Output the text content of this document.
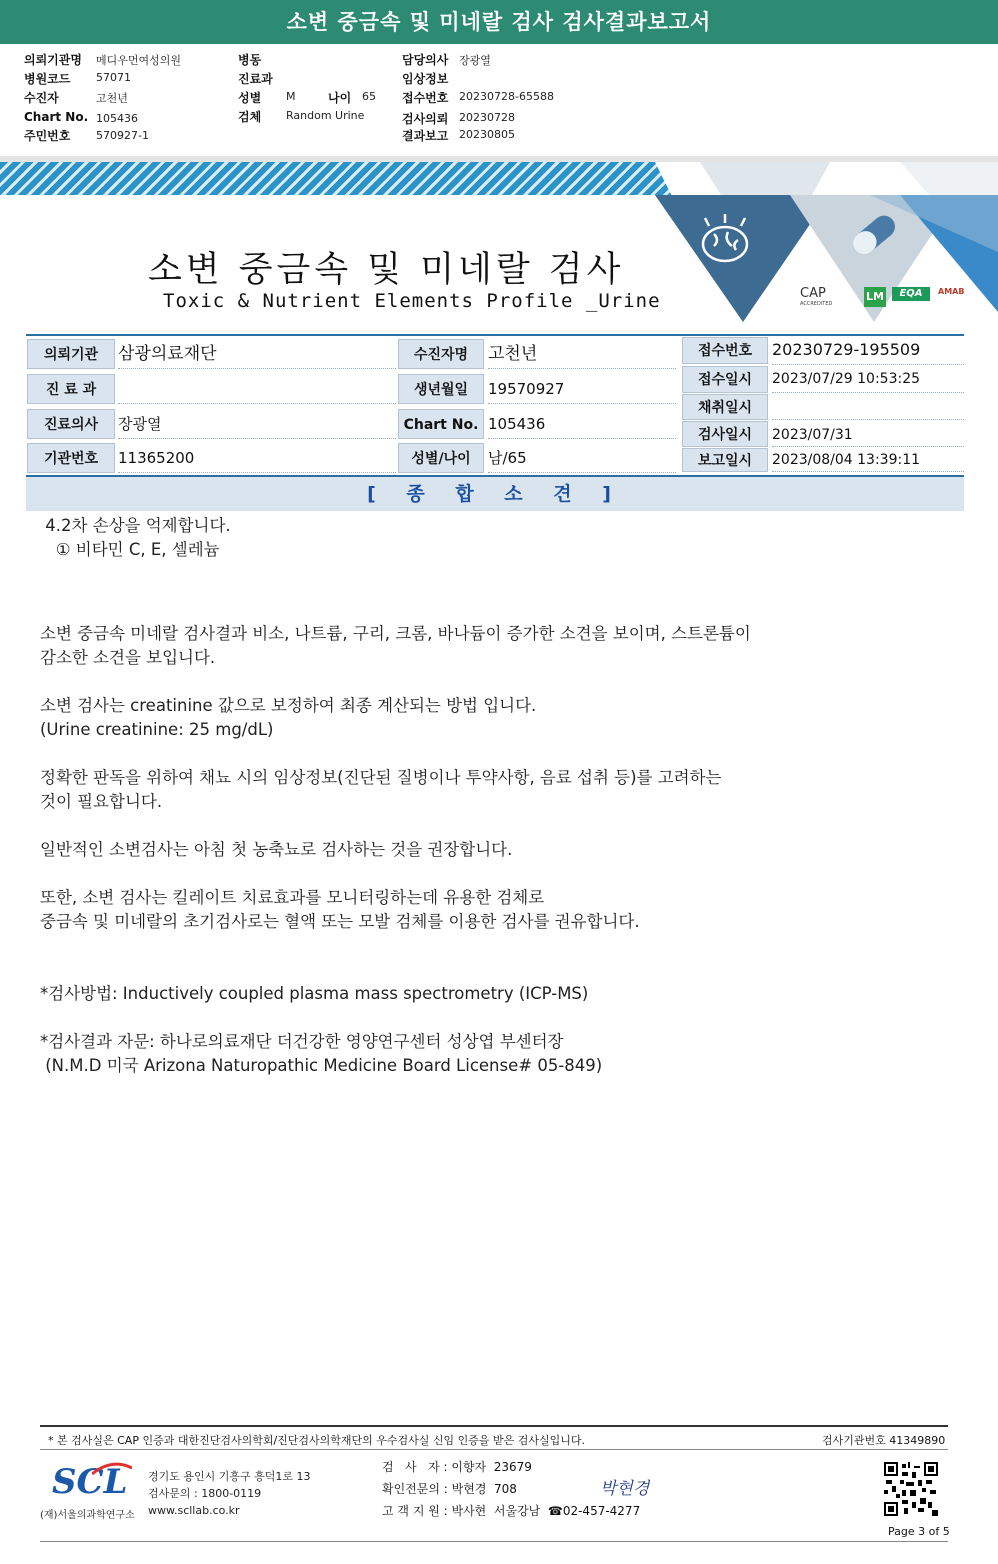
소변 중금속 및 미네랄 검사 검사결과보고서
의뢰기관명 메디우먼여성의원
병원코드 57071
수진자	고천년
Chart No. 105436
주민번호 570927-1
병동
진료과
성별 M	나이 65
검체 Random Urine
담당의사 장광열
임상정보
접수번호 20230728-65588
검사의뢰 20230728
결과보고 20230805
소변 중금속 및 미네랄 검사
Toxic & Nutrient Elements Profile _Urine	CAP
ACCREDITED
LM	EQA	AMAB
의뢰기관	삼광의료재단
진 료 과
진료의사	장광열
기관번호	11365200
수진자명	고천년
생년월일	19570927
Chart No. 105436
성별/나이	남/65
접수번호	20230729-195509
접수일시	2023/07/29 10:53:25
채취일시
검사일시	2023/07/31
보고일시	2023/08/04 13:39:11
[ 종 합 소 견 ]

4.2차 손상을 억제합니다.

① 비타민 C, E, 셀레늄

소변 중금속 미네랄 검사결과 비소, 나트륨, 구리, 크롬, 바나듐이 증가한 소견을 보이며, 스트론튬이

감소한 소견을 보입니다.

소변 검사는 creatinine 값으로 보정하여 최종 계산되는 방법 입니다.

(Urine creatinine: 25 mg/dL)

정확한 판독을 위하여 채뇨 시의 임상정보(진단된 질병이나 투약사항, 음료 섭취 등)를 고려하는

것이 필요합니다.

일반적인 소변검사는 아침 첫 농축뇨로 검사하는 것을 권장합니다.

또한, 소변 검사는 킬레이트 치료효과를 모니터링하는데 유용한 검체로

중금속 및 미네랄의 초기검사로는 혈액 또는 모발 검체를 이용한 검사를 권유합니다.

*검사방법: Inductively coupled plasma mass spectrometry (ICP-MS)

*검사결과 자문: 하나로의료재단 더건강한 영양연구센터 성상엽 부센터장

(N.M.D 미국 Arizona Naturopathic Medicine Board License# 05-849)

* 본 검사실은 CAP 인증과 대한진단검사의학회/진단검사의학재단의 우수검사실 신임 인증을 받은 검사실입니다.	검사기관번호 41349890
SCL
(재)서울의과학연구소
경기도 용인시 기흥구 흥덕1로 13
검사문의 : 1800-0119
www.scllab.co.kr
검   사   자 : 이향자  23679
확인전문의 : 박현경  708
고 객 지 원 : 박사현  서울강남  ☎02-457-4277
박현경
Page 3 of 5
